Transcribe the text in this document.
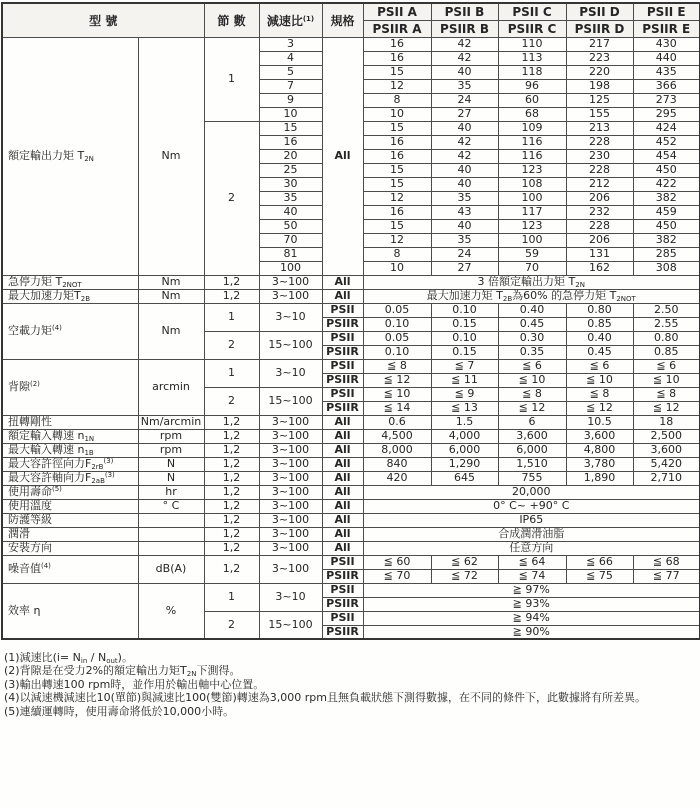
型 號		節 數	減速比$^{(1)}$	規格	PSII A	PSII B	PSII C	PSII D	PSII E
					PSIIR A	PSIIR B	PSIIR C	PSIIR D	PSIIR E
額定輸出力矩 $T_{2N}$	Nm	1	3	All	16	42	110	217	430
			4		16	42	113	223	440
			5		15	40	118	220	435
			7		12	35	96	198	366
			9		8	24	60	125	273
			10		10	27	68	155	295
		2	15		15	40	109	213	424
			16		16	42	116	228	452
			20		16	42	116	230	454
			25		15	40	123	228	450
			30		15	40	108	212	422
			35		12	35	100	206	382
			40		16	43	117	232	459
			50		15	40	123	228	450
			70		12	35	100	206	382
			81		8	24	59	131	285
			100		10	27	70	162	308
急停力矩 $T_{2NOT}$	Nm	1,2	3~100	All	3 倍額定輸出力矩 $T_{2N}$
最大加速力矩$T_{2B}$	Nm	1,2	3~100	All	最大加速力矩 $T_{2B}$為60% 的急停力矩 $T_{2NOT}$
空載力矩$^{(4)}$	Nm	1	3~10	PSII	0.05	0.10	0.40	0.80	2.50
				PSIIR	0.10	0.15	0.45	0.85	2.55
		2	15~100	PSII	0.05	0.10	0.30	0.40	0.80
				PSIIR	0.10	0.15	0.35	0.45	0.85
背隙$^{(2)}$	arcmin	1	3~10	PSII	≦ 8	≦ 7	≦ 6	≦ 6	≦ 6
				PSIIR	≦ 12	≦ 11	≦ 10	≦ 10	≦ 10
		2	15~100	PSII	≦ 10	≦ 9	≦ 8	≦ 8	≦ 8
				PSIIR	≦ 14	≦ 13	≦ 12	≦ 12	≦ 12
扭轉剛性	Nm/arcmin	1,2	3~100	All	0.6	1.5	6	10.5	18
額定輸入轉速 $n_{1N}$	rpm	1,2	3~100	All	4,500	4,000	3,600	3,600	2,500
最大輸入轉速 $n_{1B}$	rpm	1,2	3~100	All	8,000	6,000	6,000	4,800	3,600
最大容許徑向力$F_{2rB}^{(3)}$	N	1,2	3~100	All	840	1,290	1,510	3,780	5,420
最大容許軸向力$F_{2aB}^{(3)}$	N	1,2	3~100	All	420	645	755	1,890	2,710
使用壽命$^{(5)}$	hr	1,2	3~100	All	20,000				
使用溫度	° C	1,2	3~100	All	0° C~ +90° C				
防護等級		1,2	3~100	All	IP65				
潤滑		1,2	3~100	All	合成潤滑油脂				
安裝方向		1,2	3~100	All	任意方向				
噪音值$^{(4)}$	dB(A)	1,2	3~100	PSII	≦ 60	≦ 62	≦ 64	≦ 66	≦ 68
				PSIIR	≦ 70	≦ 72	≦ 74	≦ 75	≦ 77
效率 η	%	1	3~10	PSII	≧ 97%				
				PSIIR	≧ 93%				
		2	15~100	PSII	≧ 94%				
				PSIIR	≧ 90%				
(1)減速比$(i= N_{in} / N_{out})$。
(2)背隙是在受力2%的額定輸出力矩$T_{2N}$下測得。
(3)輸出轉速100 rpm時，並作用於輸出軸中心位置。
(4)以減速機減速比10(單節)與減速比100(雙節)轉速為3,000 rpm且無負載狀態下測得數據，在不同的條件下，此數據將有所差異。
(5)連續運轉時，使用壽命將低於10,000小時。
